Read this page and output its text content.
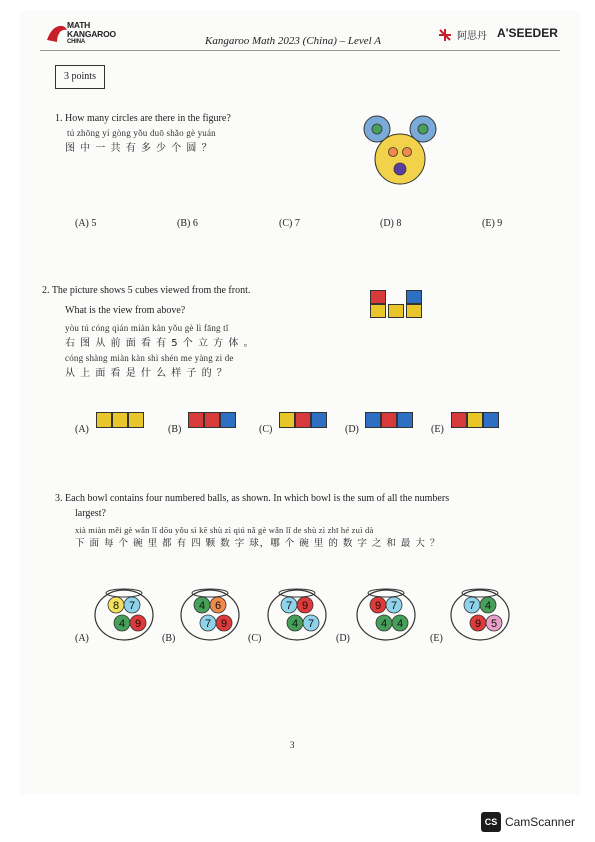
MATH
KANGAROO
CHINA	Kangaroo Math 2023 (China) – Level A	阿思丹 A'SEEDER
3 points
1. How many circles are there in the figure?
tú zhōng yí gòng yǒu duō shǎo gè yuán
图 中 一 共 有 多 少 个 圆 ？
(A) 5	(B) 6	(C) 7	(D) 8	(E) 9
2. The picture shows 5 cubes viewed from the front.
What is the view from above?
yòu tú cóng qián miàn kàn yǒu gè lì fāng tǐ
右 图 从 前 面 看 有 5 个 立 方 体 。
cóng shàng miàn kàn shì shén me yàng zi de
从 上 面 看 是 什 么 样 子 的 ？
(A)	(B)	(C)	(D)	(E)
3. Each bowl contains four numbered balls, as shown. In which bowl is the sum of all the numbers
largest?
xià miàn měi gè wǎn lǐ dōu yǒu sì kē shù zì qiú nǎ gè wǎn lǐ de shù zì zhī hé zuì dà
下 面 每 个 碗 里 都 有 四 颗 数 字 球，哪 个 碗 里 的 数 字 之 和 最 大 ？
8 7
4 9
4 6
7 9
7 9
4 7
9 7
4 4
7 4
9 5
(A)	(B)	(C)	(D)	(E)
3
CS CamScanner
